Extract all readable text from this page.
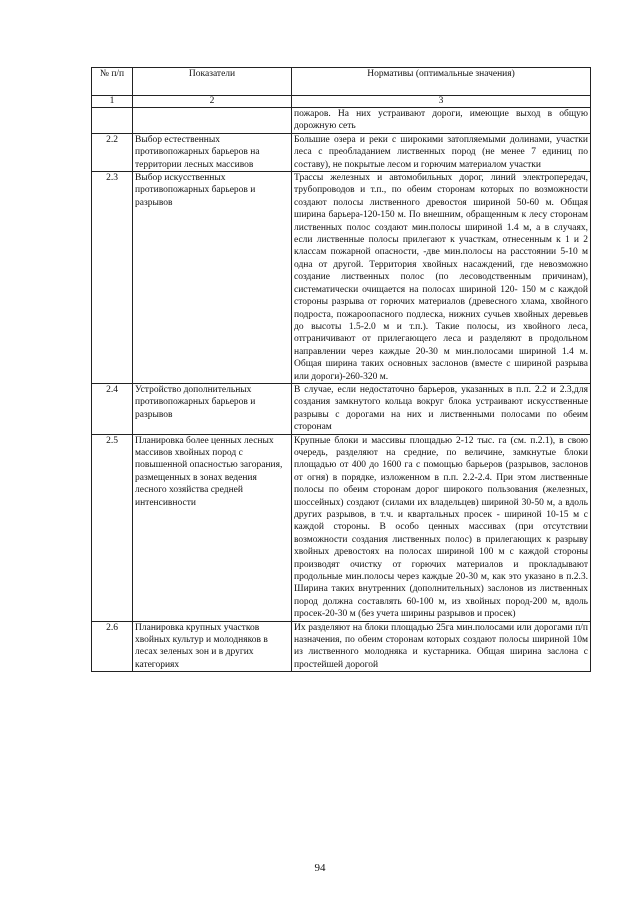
№ п/п	Показатели	Нормативы (оптимальные значения)
1	2	3
		пожаров. На них устраивают дороги, имеющие выход в общую дорожную сеть
2.2	Выбор естественных противопожарных барьеров на территории лесных массивов	Большие озера и реки с широкими затопляемыми долинами, участки леса с преобладанием лиственных пород (не менее 7 единиц по составу), не покрытые лесом и горючим материалом участки
2.3	Выбор искусственных противопожарных барьеров и разрывов	Трассы железных и автомобильных дорог, линий электропередач, трубопроводов и т.п., по обеим сторонам которых по возможности создают полосы лиственного древостоя шириной 50-60 м. Общая ширина барьера-120-150 м. По внешним, обращенным к лесу сторонам лиственных полос создают мин.полосы шириной 1.4 м, а в случаях, если лиственные полосы прилегают к участкам, отнесенным к 1 и 2 классам пожарной опасности, -две мин.полосы на расстоянии 5-10 м одна от другой. Территория хвойных насаждений, где невозможно создание лиственных полос (по лесоводственным причинам), систематически очищается на полосах шириной 120- 150 м с каждой стороны разрыва от горючих материалов (древесного хлама, хвойного подроста, пожароопасного подлеска, нижних сучьев хвойных деревьев до высоты 1.5-2.0 м и т.п.). Такие полосы, из хвойного леса, отграничивают от прилегающего леса и разделяют в продольном направлении через каждые 20-30 м мин.полосами шириной 1.4 м. Общая ширина таких основных заслонов (вместе с шириной разрыва или дороги)-260-320 м.
2.4	Устройство дополнительных противопожарных барьеров и разрывов	В случае, если недостаточно барьеров, указанных в п.п. 2.2 и 2.3,для создания замкнутого кольца вокруг блока устраивают искусственные разрывы с дорогами на них и лиственными полосами по обеим сторонам
2.5	Планировка более ценных лесных массивов хвойных пород с повышенной опасностью загорания, размещенных в зонах ведения лесного хозяйства средней интенсивности	Крупные блоки и массивы площадью 2-12 тыс. га (см. п.2.1), в свою очередь, разделяют на средние, по величине, замкнутые блоки площадью от 400 до 1600 га с помощью барьеров (разрывов, заслонов от огня) в порядке, изложенном в п.п. 2.2-2.4. При этом лиственные полосы по обеим сторонам дорог широкого пользования (железных, шоссейных) создают (силами их владельцев) шириной 30-50 м, а вдоль других разрывов, в т.ч. и квартальных просек - шириной 10-15 м с каждой стороны. В особо ценных массивах (при отсутствии возможности создания лиственных полос) в прилегающих к разрыву хвойных древостоях на полосах шириной 100 м с каждой стороны производят очистку от горючих материалов и прокладывают продольные мин.полосы через каждые 20-30 м, как это указано в п.2.3. Ширина таких внутренних (дополнительных) заслонов из лиственных пород должна составлять 60-100 м, из хвойных пород-200 м, вдоль просек-20-30 м (без учета ширины разрывов и просек)
2.6	Планировка крупных участков хвойных культур и молодняков в лесах зеленых зон и в других категориях	Их разделяют на блоки площадью 25га мин.полосами или дорогами п/п назначения, по обеим сторонам которых создают полосы шириной 10м из лиственного молодняка и кустарника. Общая ширина заслона с простейшей дорогой
94
